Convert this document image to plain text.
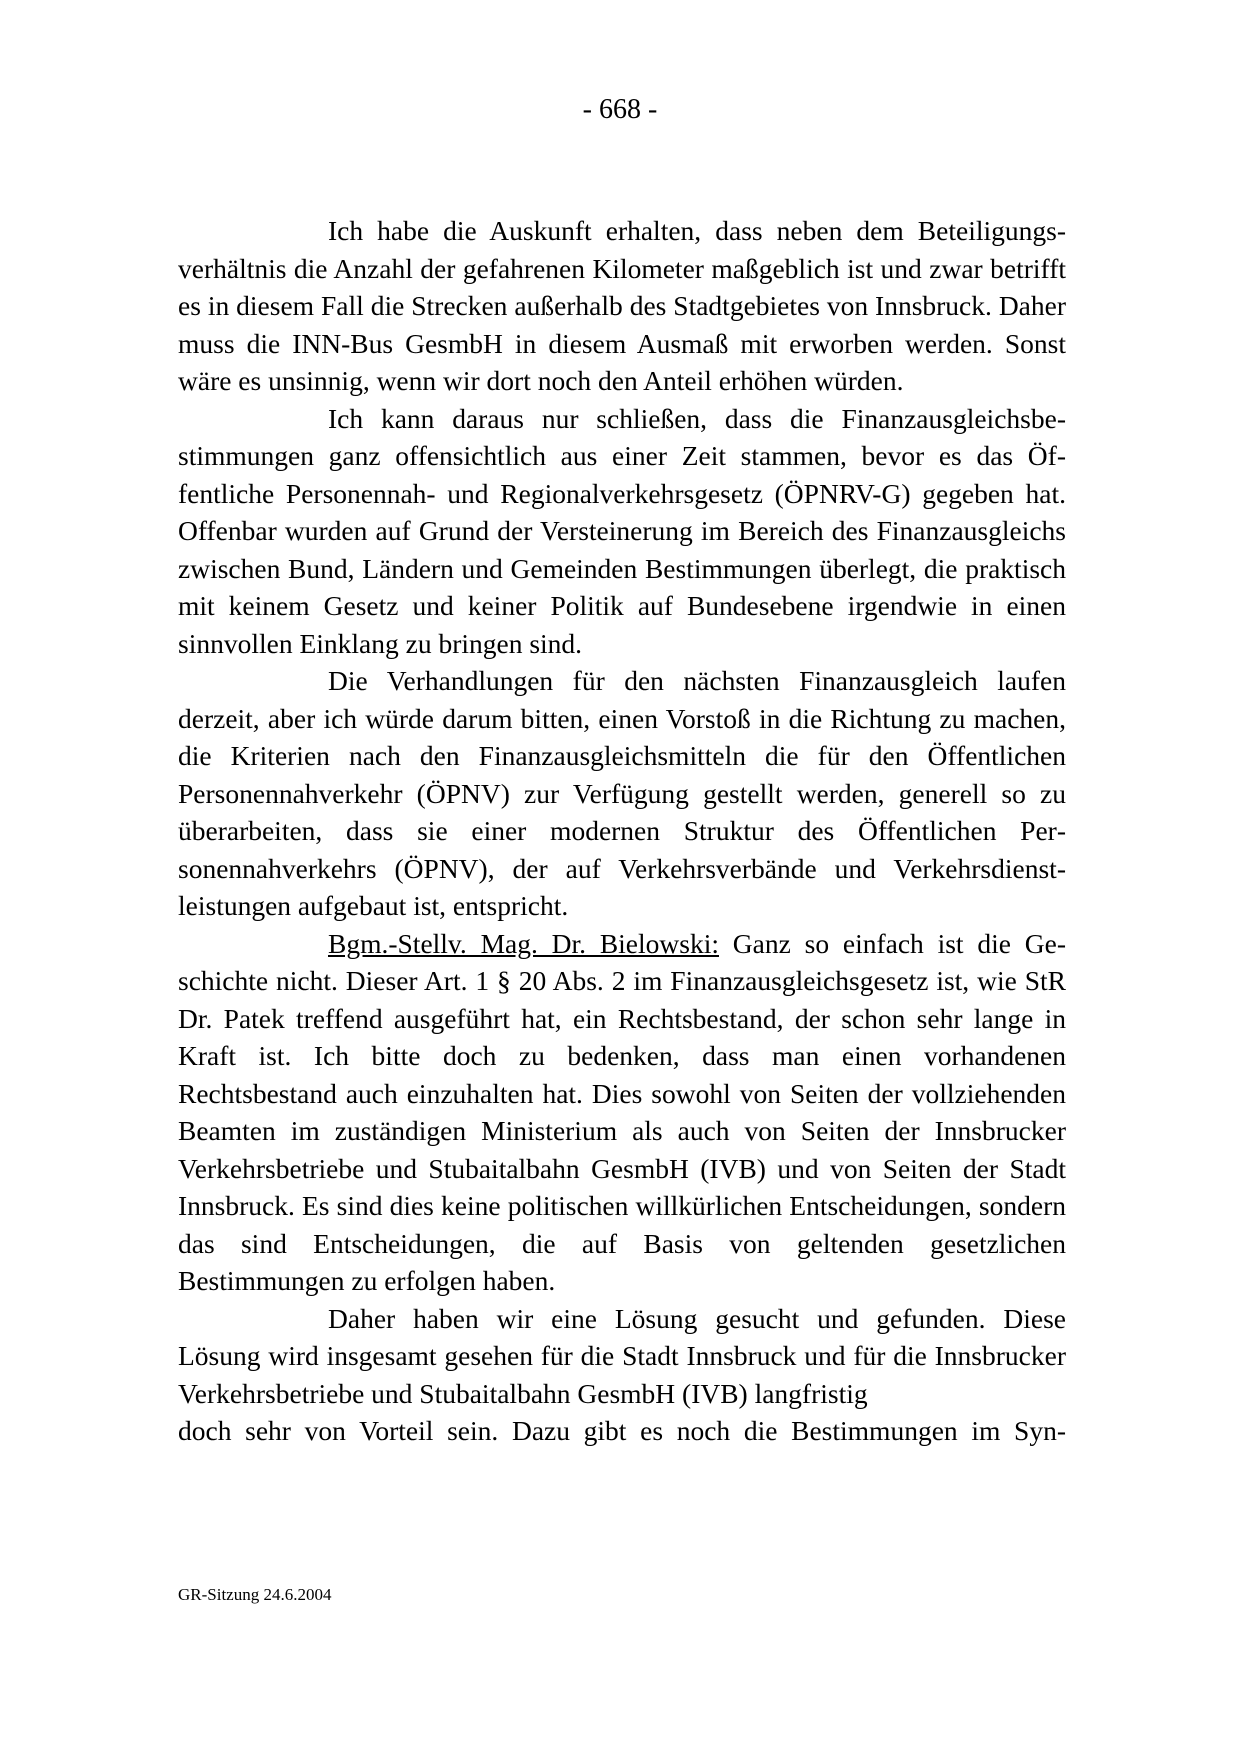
- 668 -

Ich habe die Auskunft erhalten, dass neben dem Beteiligungsverhältnis die Anzahl der gefahrenen Kilometer maßgeblich ist und zwar betrifft es in diesem Fall die Strecken außerhalb des Stadtgebietes von Innsbruck. Daher muss die INN-Bus GesmbH in diesem Ausmaß mit erworben werden. Sonst wäre es unsinnig, wenn wir dort noch den Anteil erhöhen würden.

Ich kann daraus nur schließen, dass die Finanzausgleichsbestimmungen ganz offensichtlich aus einer Zeit stammen, bevor es das Öffentliche Personennah- und Regionalverkehrsgesetz (ÖPNRV-G) gegeben hat. Offenbar wurden auf Grund der Versteinerung im Bereich des Finanzausgleichs zwischen Bund, Ländern und Gemeinden Bestimmungen überlegt, die praktisch mit keinem Gesetz und keiner Politik auf Bundesebene irgendwie in einen sinnvollen Einklang zu bringen sind.

Die Verhandlungen für den nächsten Finanzausgleich laufen derzeit, aber ich würde darum bitten, einen Vorstoß in die Richtung zu machen, die Kriterien nach den Finanzausgleichsmitteln die für den Öffentlichen Personennahverkehr (ÖPNV) zur Verfügung gestellt werden, generell so zu überarbeiten, dass sie einer modernen Struktur des Öffentlichen Personennahverkehrs (ÖPNV), der auf Verkehrsverbände und Verkehrsdienstleistungen aufgebaut ist, entspricht.

Bgm.-Stellv. Mag. Dr. Bielowski: Ganz so einfach ist die Geschichte nicht. Dieser Art. 1 § 20 Abs. 2 im Finanzausgleichsgesetz ist, wie StR Dr. Patek treffend ausgeführt hat, ein Rechtsbestand, der schon sehr lange in Kraft ist. Ich bitte doch zu bedenken, dass man einen vorhandenen Rechtsbestand auch einzuhalten hat. Dies sowohl von Seiten der vollziehenden Beamten im zuständigen Ministerium als auch von Seiten der Innsbrucker Verkehrsbetriebe und Stubaitalbahn GesmbH (IVB) und von Seiten der Stadt Innsbruck. Es sind dies keine politischen willkürlichen Entscheidungen, sondern das sind Entscheidungen, die auf Basis von geltenden gesetzlichen Bestimmungen zu erfolgen haben.

Daher haben wir eine Lösung gesucht und gefunden. Diese Lösung wird insgesamt gesehen für die Stadt Innsbruck und für die Innsbrucker Verkehrsbetriebe und Stubaitalbahn GesmbH (IVB) langfristig

doch sehr von Vorteil sein. Dazu gibt es noch die Bestimmungen im Syn-

GR-Sitzung 24.6.2004
